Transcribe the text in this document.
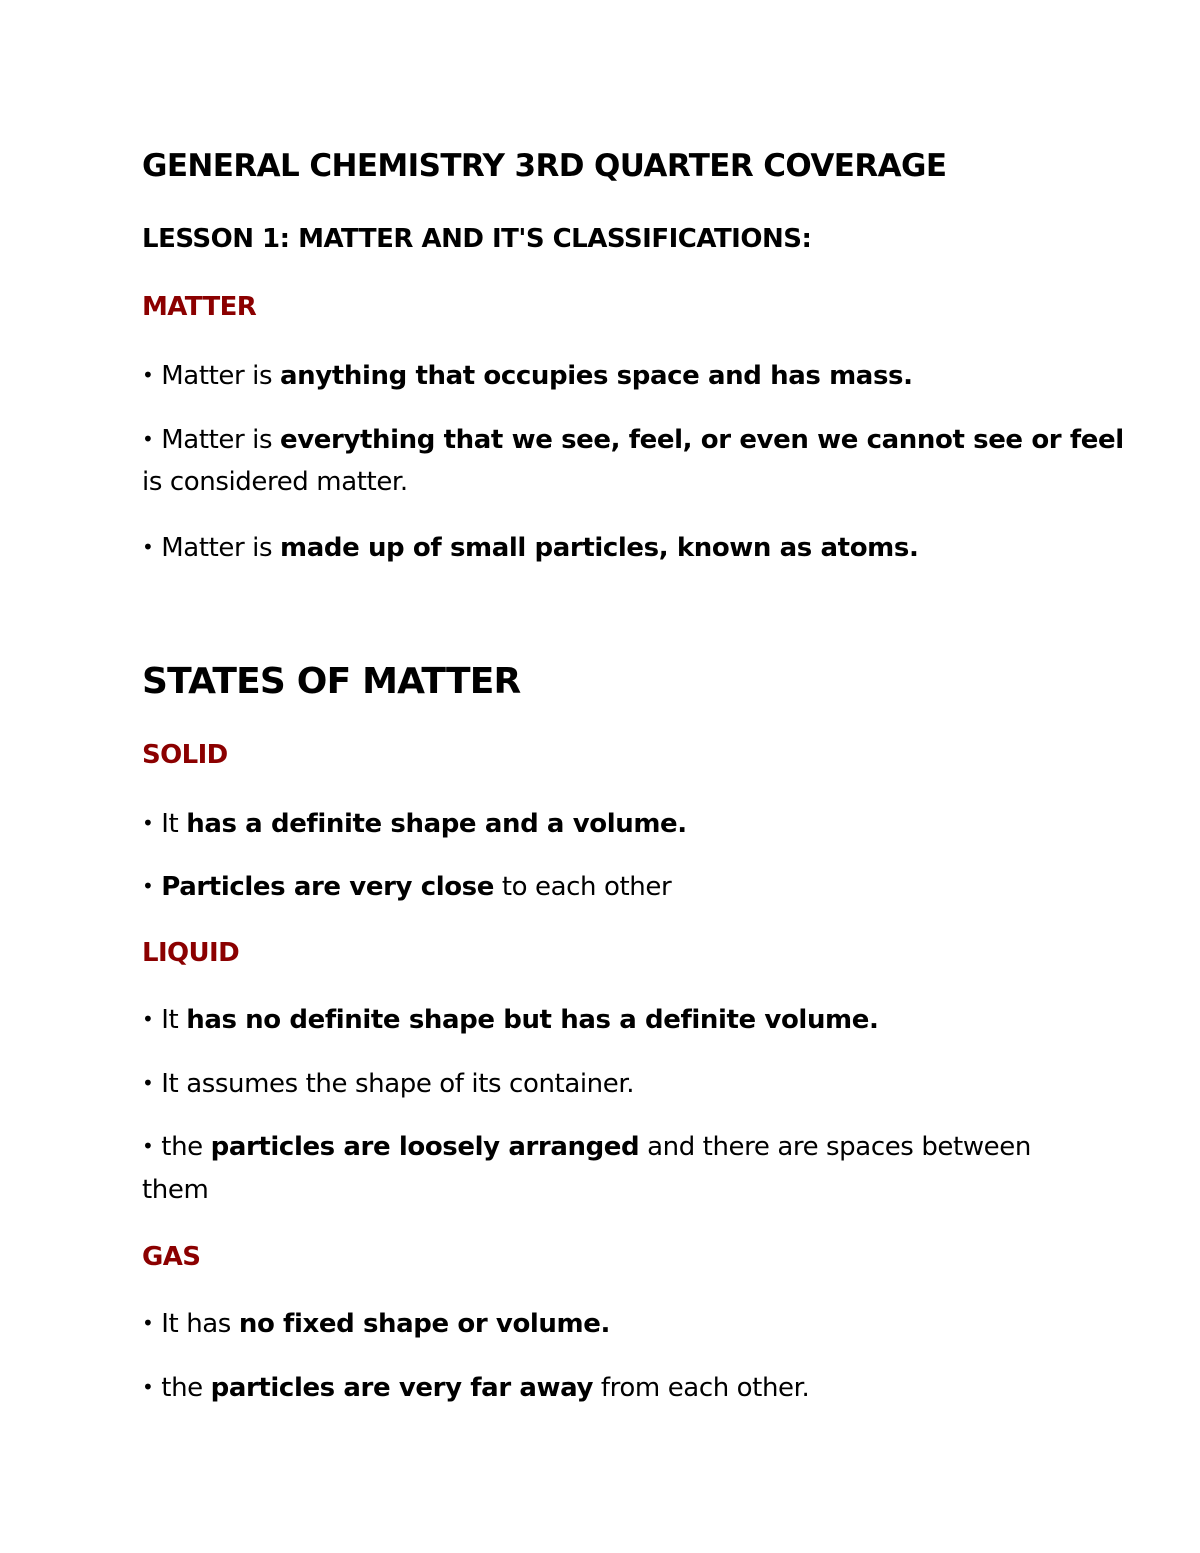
GENERAL CHEMISTRY 3RD QUARTER COVERAGE

LESSON 1: MATTER AND IT'S CLASSIFICATIONS:

MATTER

• Matter is anything that occupies space and has mass.

• Matter is everything that we see, feel, or even we cannot see or feel

is considered matter.

• Matter is made up of small particles, known as atoms.

STATES OF MATTER

SOLID

• It has a definite shape and a volume.

• Particles are very close to each other

LIQUID

• It has no definite shape but has a definite volume.

• It assumes the shape of its container.

• the particles are loosely arranged and there are spaces between

them

GAS

• It has no fixed shape or volume.

• the particles are very far away from each other.
